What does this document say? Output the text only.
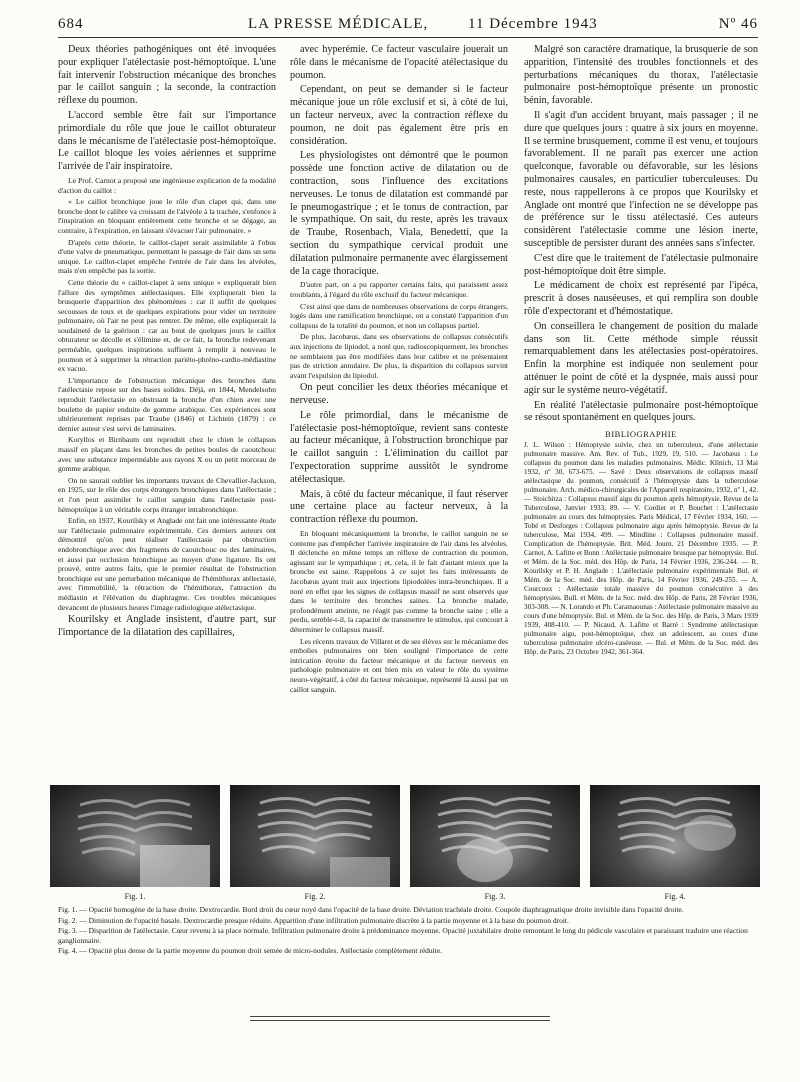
684	LA PRESSE MÉDICALE,	11 Décembre 1943	Nº 46

Deux théories pathogéniques ont été invoquées pour expliquer l'atélectasie post-hémoptoïque. L'une fait intervenir l'obstruction mécanique des bronches par le caillot sanguin ; la seconde, la contraction réflexe du poumon.

L'accord semble être fait sur l'importance primordiale du rôle que joue le caillot obturateur dans le mécanisme de l'atélectasie post-hémoptoïque. Le caillot bloque les voies aériennes et supprime l'arrivée de l'air inspiratoire.

Le Prof. Carnot a proposé une ingénieuse explication de la modalité d'action du caillot :

« Le caillot bronchique joue le rôle d'un clapet qui, dans une bronche dont le calibre va croissant de l'alvéole à la trachée, s'enfonce à l'inspiration en bloquant entièrement cette bronche et se dégage, au contraire, à l'expiration, en laissant s'évacuer l'air pulmonaire. »

D'après cette théorie, le caillot-clapet serait assimilable à l'obus d'une valve de pneumatique, permettant le passage de l'air dans un sens unique. Le caillot-clapet empêche l'entrée de l'air dans les alvéoles, mais n'en empêche pas la sortie.

Cette théorie du « caillot-clapet à sens unique » expliquerait bien l'allure des symptômes atélectasiques. Elle expliquerait bien la brusquerie d'apparition des phénomènes : car il suffit de quelques secousses de toux et de quelques expirations pour vider un territoire pulmonaire, où l'air ne peut pas rentrer. De même, elle expliquerait la soudaineté de la guérison : car au bout de quelques jours le caillot obturateur se décolle et s'élimine et, de ce fait, la bronche redevenant perméable, quelques inspirations suffisent à remplir à nouveau le poumon et à supprimer la rétraction pariéto-phréno-cardio-médiastine ex vacuo.

L'importance de l'obstruction mécanique des bronches dans l'atélectasie repose sur des bases solides. Déjà, en 1844, Mendelsohn reproduit l'atélectasie en obstruant la bronche d'un chien avec une boulette de papier enduite de gomme arabique. Ces expériences sont ultérieurement reprises par Traube (1846) et Lichtein (1879) : ce dernier auteur s'est servi de laminaires.

Koryllos et Birnbaum ont reproduit chez le chien le collapsus massif en plaçant dans les bronches de petites boules de caoutchouc avec une substance imperméable aux rayons X ou un petit morceau de gomme arabique.

On ne saurait oublier les importants travaux de Chevallier-Jackson, en 1925, sur le rôle des corps étrangers bronchiques dans l'atélectasie ; et l'on peut assimiler le caillot sanguin dans l'atélectasie post-hémoptoïque à un véritable corps étranger intrabronchique.

Enfin, en 1937, Kourilsky et Anglade ont fait une intéressante étude sur l'atélectasie pulmonaire expérimentale. Ces derniers auteurs ont démontré qu'on peut réaliser l'atélectasie par obstruction endobronchique avec des fragments de caoutchouc ou des laminaires, et aussi par occlusion bronchique au moyen d'une ligature. Ils ont prouvé, entre autres faits, que le premier résultat de l'obstruction bronchique est une perturbation mécanique de l'hémithorax atélectasié, avec l'immobilité, la rétraction de l'hémithorax, l'attraction du médiastin et l'élévation du diaphragme. Ces troubles mécaniques devancent de plusieurs heures l'image radiologique atélectasique.

Kourilsky et Anglade insistent, d'autre part, sur l'importance de la dilatation des capillaires,

avec hyperémie. Ce facteur vasculaire jouerait un rôle dans le mécanisme de l'opacité atélectasique du poumon.

Cependant, on peut se demander si le facteur mécanique joue un rôle exclusif et si, à côté de lui, un facteur nerveux, avec la contraction réflexe du poumon, ne doit pas également être pris en considération.

Les physiologistes ont démontré que le poumon possède une fonction active de dilatation ou de contraction, sous l'influence des excitations nerveuses. Le tonus de dilatation est commandé par le pneumogastrique ; et le tonus de contraction, par le sympathique. On sait, du reste, après les travaux de Traube, Rosenbach, Viala, Benedetti, que la section du sympathique cervical produit une dilatation pulmonaire permanente avec élargissement de la cage thoracique.

D'autre part, on a pu rapporter certains faits, qui paraissent assez troublants, à l'égard du rôle exclusif du facteur mécanique.

C'est ainsi que dans de nombreuses observations de corps étrangers, logés dans une ramification bronchique, on a constaté l'apparition d'un collapsus de la totalité du poumon, et non un collapsus partiel.

De plus, Jacobæus, dans ses observations de collapsus consécutifs aux injections de lipiodol, a noté que, radioscopiquement, les bronches ne semblaient pas être modifiées dans leur calibre et ne présentaient pas de striction annulaire. De plus, la disparition du collapsus survint avant l'expulsion du lipiodol.

On peut concilier les deux théories mécanique et nerveuse.

Le rôle primordial, dans le mécanisme de l'atélectasie post-hémoptoïque, revient sans conteste au facteur mécanique, à l'obstruction bronchique par le caillot sanguin : L'élimination du caillot par l'expectoration supprime aussitôt le syndrome atélectasique.

Mais, à côté du facteur mécanique, il faut réserver une certaine place au facteur nerveux, à la contraction réflexe du poumon.

En bloquant mécaniquement la bronche, le caillot sanguin ne se contente pas d'empêcher l'arrivée inspiratoire de l'air dans les alvéoles. Il déclenche en même temps un réflexe de contraction du poumon, agissant sur le sympathique ; et, cela, il le fait d'autant mieux que la bronche est saine. Rappelons à ce sujet les faits intéressants de Jacobæus ayant trait aux injections lipiodolées intra-bronchiques. Il a noté en effet que les signes de collapsus massif ne sont observés que dans le territoire des bronches saines. La bronche malade, profondément atteinte, ne réagit pas comme la bronche saine ; elle a perdu, semble-t-il, la capacité de transmettre le stimulus, qui concourt à déterminer le collapsus massif.

Les récents travaux de Villaret et de ses élèves sur le mécanisme des embolies pulmonaires ont bien souligné l'importance de cette intrication étroite du facteur mécanique et du facteur nerveux en pathologie pulmonaire et ont bien mis en valeur le rôle du système neuro-végétatif, à côté du facteur mécanique, représenté là aussi par un caillot sanguin.

Malgré son caractère dramatique, la brusquerie de son apparition, l'intensité des troubles fonctionnels et des perturbations mécaniques du thorax, l'atélectasie pulmonaire post-hémoptoïque présente un pronostic bénin, favorable.

Il s'agit d'un accident bruyant, mais passager ; il ne dure que quelques jours : quatre à six jours en moyenne. Il se termine brusquement, comme il est venu, et toujours favorablement. Il ne paraît pas exercer une action quelconque, favorable ou défavorable, sur les lésions pulmonaires causales, en particulier tuberculeuses. Du reste, nous rappellerons à ce propos que Kourilsky et Anglade ont montré que l'infection ne se développe pas de préférence sur le tissu atélectasié. Ces auteurs considèrent l'atélectasie comme une lésion inerte, susceptible de persister durant des années sans s'infecter.

C'est dire que le traitement de l'atélectasie pulmonaire post-hémoptoïque doit être simple.

Le médicament de choix est représenté par l'ipéca, prescrit à doses nauséeuses, et qui remplira son double rôle d'expectorant et d'hémostatique.

On conseillera le changement de position du malade dans son lit. Cette méthode simple réussit remarquablement dans les atélectasies post-opératoires. Enfin la morphine est indiquée non seulement pour atténuer le point de côté et la dyspnée, mais aussi pour agir sur le système neuro-végétatif.

En réalité l'atélectasie pulmonaire post-hémoptoïque se résout spontanément en quelques jours.

BIBLIOGRAPHIE

J. L. Wilson : Hémoptysie suivie, chez un tuberculeux, d'une atélectasie pulmonaire massive. Am. Rev. of Tub., 1929, 19, 510. — Jacobæus : Le collapsus du poumon dans les maladies pulmonaires. Médic. Klinich, 13 Mai 1932, nº 30, 673-675. — Savé : Deux observations de collapsus massif atélectasique du poumon, consécutif à l'hémoptysie dans la tuberculose pulmonaire. Arch. médico-chirurgicales de l'Appareil respiratoire, 1932, nº 1, 42. — Stoichitza : Collapsus massif aigu du poumon après hémoptysie. Revue de la Tuberculose, Janvier 1933, 89. — V. Cordier et P. Bouchet : L'atélectasie pulmonaire au cours des hémoptysies. Paris Médical, 17 Février 1934, 160. — Tobé et Desforges : Collapsus pulmonaire aigu après hémoptysie. Revue de la tuberculose, Mai 1934, 499. — Mindline : Collapsus pulmonaire massif. Complication de l'hémoptysie. Brit. Méd. Journ. 21 Décembre 1935. — P. Carnot, A. Lafitte et Bonn : Atélectasie pulmonaire brusque par hémoptysie. Bul. et Mém. de la Soc. méd. des Hôp. de Paris, 14 Février 1936, 236-244. — R. Kourilsky et P. H. Anglade : L'atélectasie pulmonaire expérimentale Bul. et Mém. de la Soc. méd. des Hôp. de Paris, 14 Février 1936, 249-255. — A. Courcoux : Atélectasie totale massive du poumon consécutive à des hémoptysies. Bull. et Mém. de la Soc. méd. des Hôp. de Paris, 28 Février 1936, 303-308. — N. Lorando et Ph. Caramaounas : Atélectasie pulmonaire massive au cours d'une hémoptysie. Bul. et Mém. de la Soc. des Hôp. de Paris, 3 Mars 1939 1939, 408-410. — P. Nicaud, A. Lafitte et Barré : Syndrome atélectasique pulmonaire aigu, post-hémoptoïque, chez un adolescent, au cours d'une tuberculose pulmonaire ulcéro-caséeuse. — Bul. et Mém. de la Soc. méd. des Hôp. de Paris, 23 Octobre 1942, 361-364.

Fig. 1.	Fig. 2.	Fig. 3.	Fig. 4.

Fig. 1. — Opacité homogène de la base droite. Dextrocardie. Bord droit du cœur noyé dans l'opacité de la base droite. Déviation trachéale droite. Coupole diaphragmatique droite invisible dans l'opacité droite.

Fig. 2. — Diminution de l'opacité basale. Dextrocardie presque réduite. Apparition d'une infiltration pulmonaire discrète à la partie moyenne et à la base du poumon droit.

Fig. 3. — Disparition de l'atélectasie. Cœur revenu à sa place normale. Infiltration pulmonaire droite à prédominance moyenne. Opacité juxtahilaire droite remontant le long du pédicule vasculaire et paraissant traduire une réaction ganglionnaire.

Fig. 4. — Opacité plus dense de la partie moyenne du poumon droit semée de micro-nodules. Atélectasie complètement réduite.
